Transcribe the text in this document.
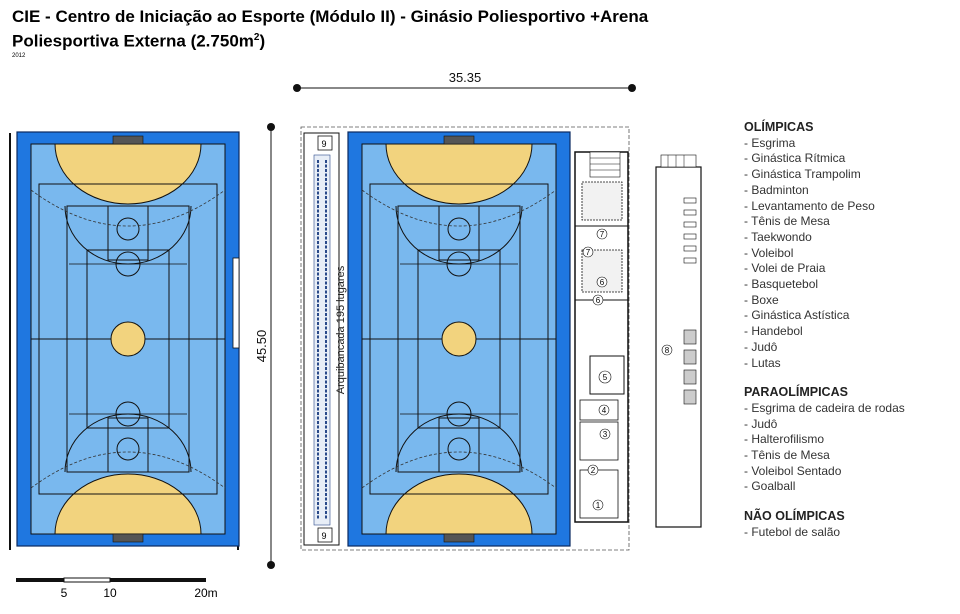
CIE - Centro de Iniciação ao Esporte (Módulo II) - Ginásio Poliesportivo +Arena
Poliesportiva Externa $(2.750m^2)$
2012
45.50
35.35
9
9
Arquibancada 195 lugares
7
6
7
6
5
4
3
2
1
8
5	10	20m
OLÍMPICAS
- Esgrima
- Ginástica Rítmica
- Ginástica Trampolim
- Badminton
- Levantamento de Peso
- Tênis de Mesa
- Taekwondo
- Voleibol
- Volei de Praia
- Basquetebol
- Boxe
- Ginástica Astística
- Handebol
- Judô
- Lutas
PARAOLÍMPICAS
- Esgrima de cadeira de rodas
- Judô
- Halterofilismo
- Tênis de Mesa
- Voleibol Sentado
- Goalball
NÃO OLÍMPICAS
- Futebol de salão
